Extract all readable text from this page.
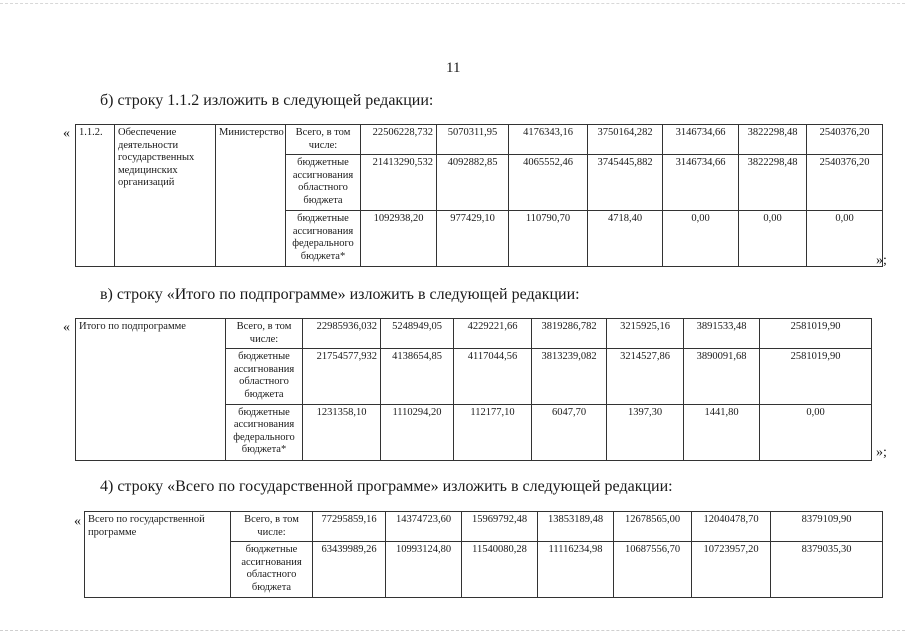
11
б) строку 1.1.2 изложить в следующей редакции:
« 1.1.2.	Обеспечение деятельности государственных медицинских организаций	Министерство	Всего, в том числе:	22506228,732	5070311,95	4176343,16	3750164,282	3146734,66	3822298,48	2540376,20
			бюджетные ассигнования областного бюджета	21413290,532	4092882,85	4065552,46	3745445,882	3146734,66	3822298,48	2540376,20
			бюджетные ассигнования федерального бюджета*	1092938,20	977429,10	110790,70	4718,40	0,00	0,00	0,00
»;
в) строку «Итого по подпрограмме» изложить в следующей редакции:
« Итого по подпрограмме	Всего, в том числе:	22985936,032	5248949,05	4229221,66	3819286,782	3215925,16	3891533,48	2581019,90
	бюджетные ассигнования областного бюджета	21754577,932	4138654,85	4117044,56	3813239,082	3214527,86	3890091,68	2581019,90
	бюджетные ассигнования федерального бюджета*	1231358,10	1110294,20	112177,10	6047,70	1397,30	1441,80	0,00
»;
4) строку «Всего по государственной программе» изложить в следующей редакции:
« Всего по государственной программе	Всего, в том числе:	77295859,16	14374723,60	15969792,48	13853189,48	12678565,00	12040478,70	8379109,90
	бюджетные ассигнования областного бюджета	63439989,26	10993124,80	11540080,28	11116234,98	10687556,70	10723957,20	8379035,30
